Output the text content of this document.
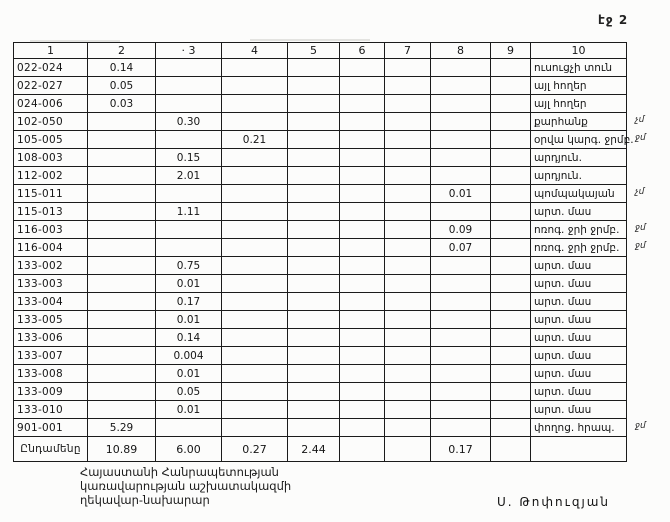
էջ 2
1	2	· 3	4	5	6	7	8	9	10
022-024	0.14								ուսուցչի տուն
022-027	0.05								այլ հողեր
024-006	0.03								այլ հողեր
102-050		0.30							քարհանք չմ

105-005			0.21						օրվա կարգ. ջրմբ. ջմ

108-003		0.15							արդյուն.
112-002		2.01							արդյուն.
115-011							0.01		պոմպակայան չմ

115-013		1.11							արտ. մաս
116-003							0.09		ոռոգ. ջրի ջրմբ. ջմ

116-004							0.07		ոռոգ. ջրի ջրմբ. ջմ

133-002		0.75							արտ. մաս
133-003		0.01							արտ. մաս
133-004		0.17							արտ. մաս
133-005		0.01							արտ. մաս
133-006		0.14							արտ. մաս
133-007		0.004							արտ. մաս
133-008		0.01							արտ. մաս
133-009		0.05							արտ. մաս
133-010		0.01							արտ. մաս
901-001	5.29								փողոց. հրապ. ջմ

Ընդամենը	10.89	6.00	0.27	2.44			0.17		
Հայաստանի Հանրապետության
կառավարության աշխատակազմի
ղեկավար-նախարար	Ս. Թոփուզյան
